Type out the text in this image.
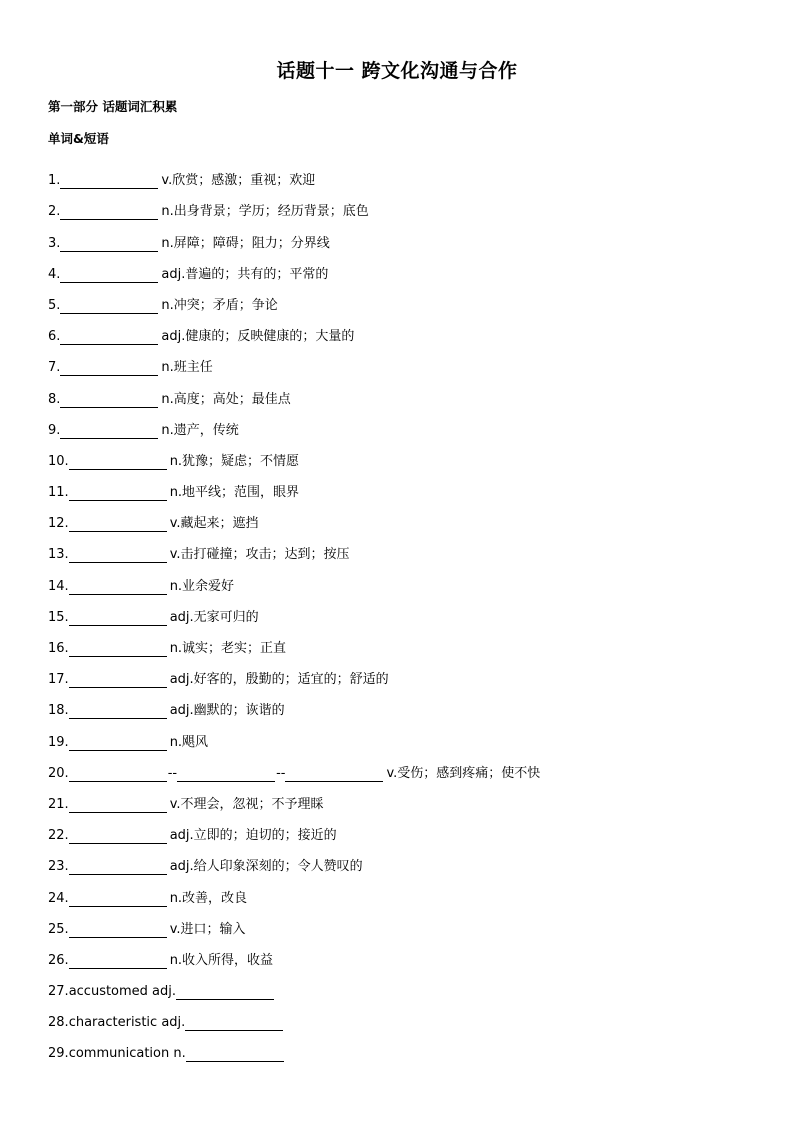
话题十一 跨文化沟通与合作
第一部分 话题词汇积累
单词&短语
1.	v.欣赏；感激；重视；欢迎
2.	n.出身背景；学历；经历背景；底色
3.	n.屏障；障碍；阻力；分界线
4.	adj.普遍的；共有的；平常的
5.	n.冲突；矛盾；争论
6.	adj.健康的；反映健康的；大量的
7.	n.班主任
8.	n.高度；高处；最佳点
9.	n.遗产，传统
10.	n.犹豫；疑虑；不情愿
11.	n.地平线；范围，眼界
12.	v.藏起来；遮挡
13.	v.击打碰撞；攻击；达到；按压
14.	n.业余爱好
15.	adj.无家可归的
16.	n.诚实；老实；正直
17.	adj.好客的，殷勤的；适宜的；舒适的
18.	adj.幽默的；诙谐的
19.	n.飓风
20.	--	--	v.受伤；感到疼痛；使不快
21.	v.不理会，忽视；不予理睬
22.	adj.立即的；迫切的；接近的
23.	adj.给人印象深刻的；令人赞叹的
24.	n.改善，改良
25.	v.进口；输入
26.	n.收入所得，收益
27. accustomed adj.
28. characteristic adj.
29. communication n.
